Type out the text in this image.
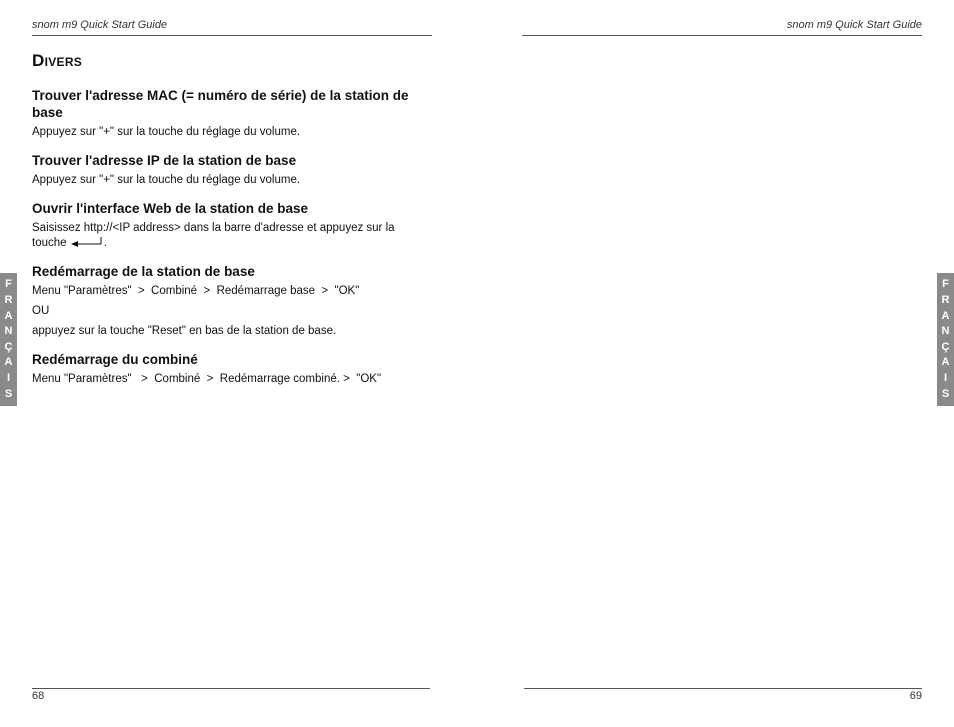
snom m9 Quick Start Guide
F
R
A
N
Ç
A
I
S
Divers
Trouver l'adresse MAC (= numéro de série) de la station de base

Appuyez sur "+" sur la touche du réglage du volume.

Trouver l'adresse IP de la station de base

Appuyez sur "+" sur la touche du réglage du volume.

Ouvrir l'interface Web de la station de base

Saisissez http://<IP address> dans la barre d'adresse et appuyez sur la touche	.

Redémarrage de la station de base

Menu "Paramètres"  >  Combiné  >  Redémarrage base  >  "OK"

OU

appuyez sur la touche "Reset" en bas de la station de base.

Redémarrage du combiné

Menu "Paramètres"   >  Combiné  >  Redémarrage combiné. >  "OK"

68
snom m9 Quick Start Guide
F
R
A
N
Ç
A
I
S
69
